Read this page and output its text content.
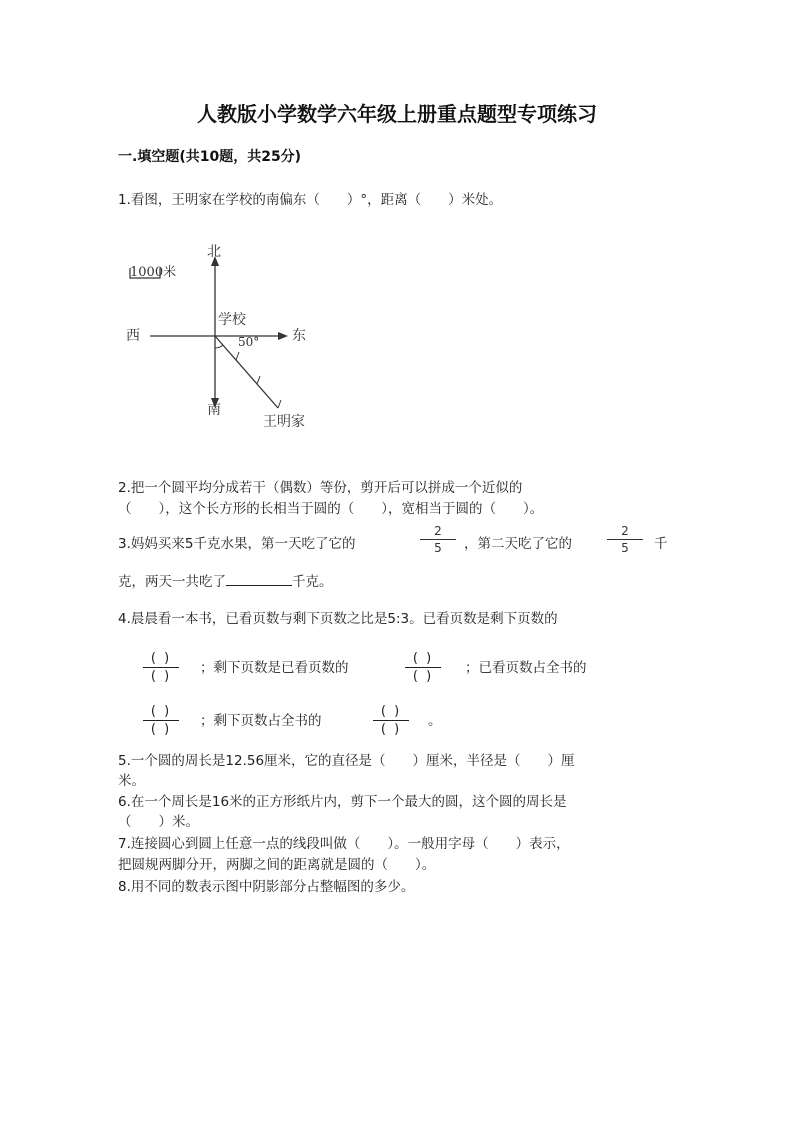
人教版小学数学六年级上册重点题型专项练习
一.填空题(共10题，共25分)
1.看图，王明家在学校的南偏东（　　）°，距离（　　）米处。
1000米
北
西	东
南
学校
50°
王明家
2.把一个圆平均分成若干（偶数）等份，剪开后可以拼成一个近似的
（　　），这个长方形的长相当于圆的（　　），宽相当于圆的（　　）。
3.妈妈买来5千克水果，第一天吃了它的
2
5	，第二天吃了它的
2
5	千
克，两天一共吃了	千克。
4.晨晨看一本书，已看页数与剩下页数之比是5:3。已看页数是剩下页数的
( )
( )
；剩下页数是已看页数的
( )
( )
；已看页数占全书的
( )
( )
；剩下页数占全书的
( )
( )
。
5.一个圆的周长是12.56厘米，它的直径是（　　）厘米，半径是（　　）厘
米。
6.在一个周长是16米的正方形纸片内，剪下一个最大的圆，这个圆的周长是
（　　）米。
7.连接圆心到圆上任意一点的线段叫做（　　）。一般用字母（　　）表示，
把圆规两脚分开，两脚之间的距离就是圆的（　　）。
8.用不同的数表示图中阴影部分占整幅图的多少。
